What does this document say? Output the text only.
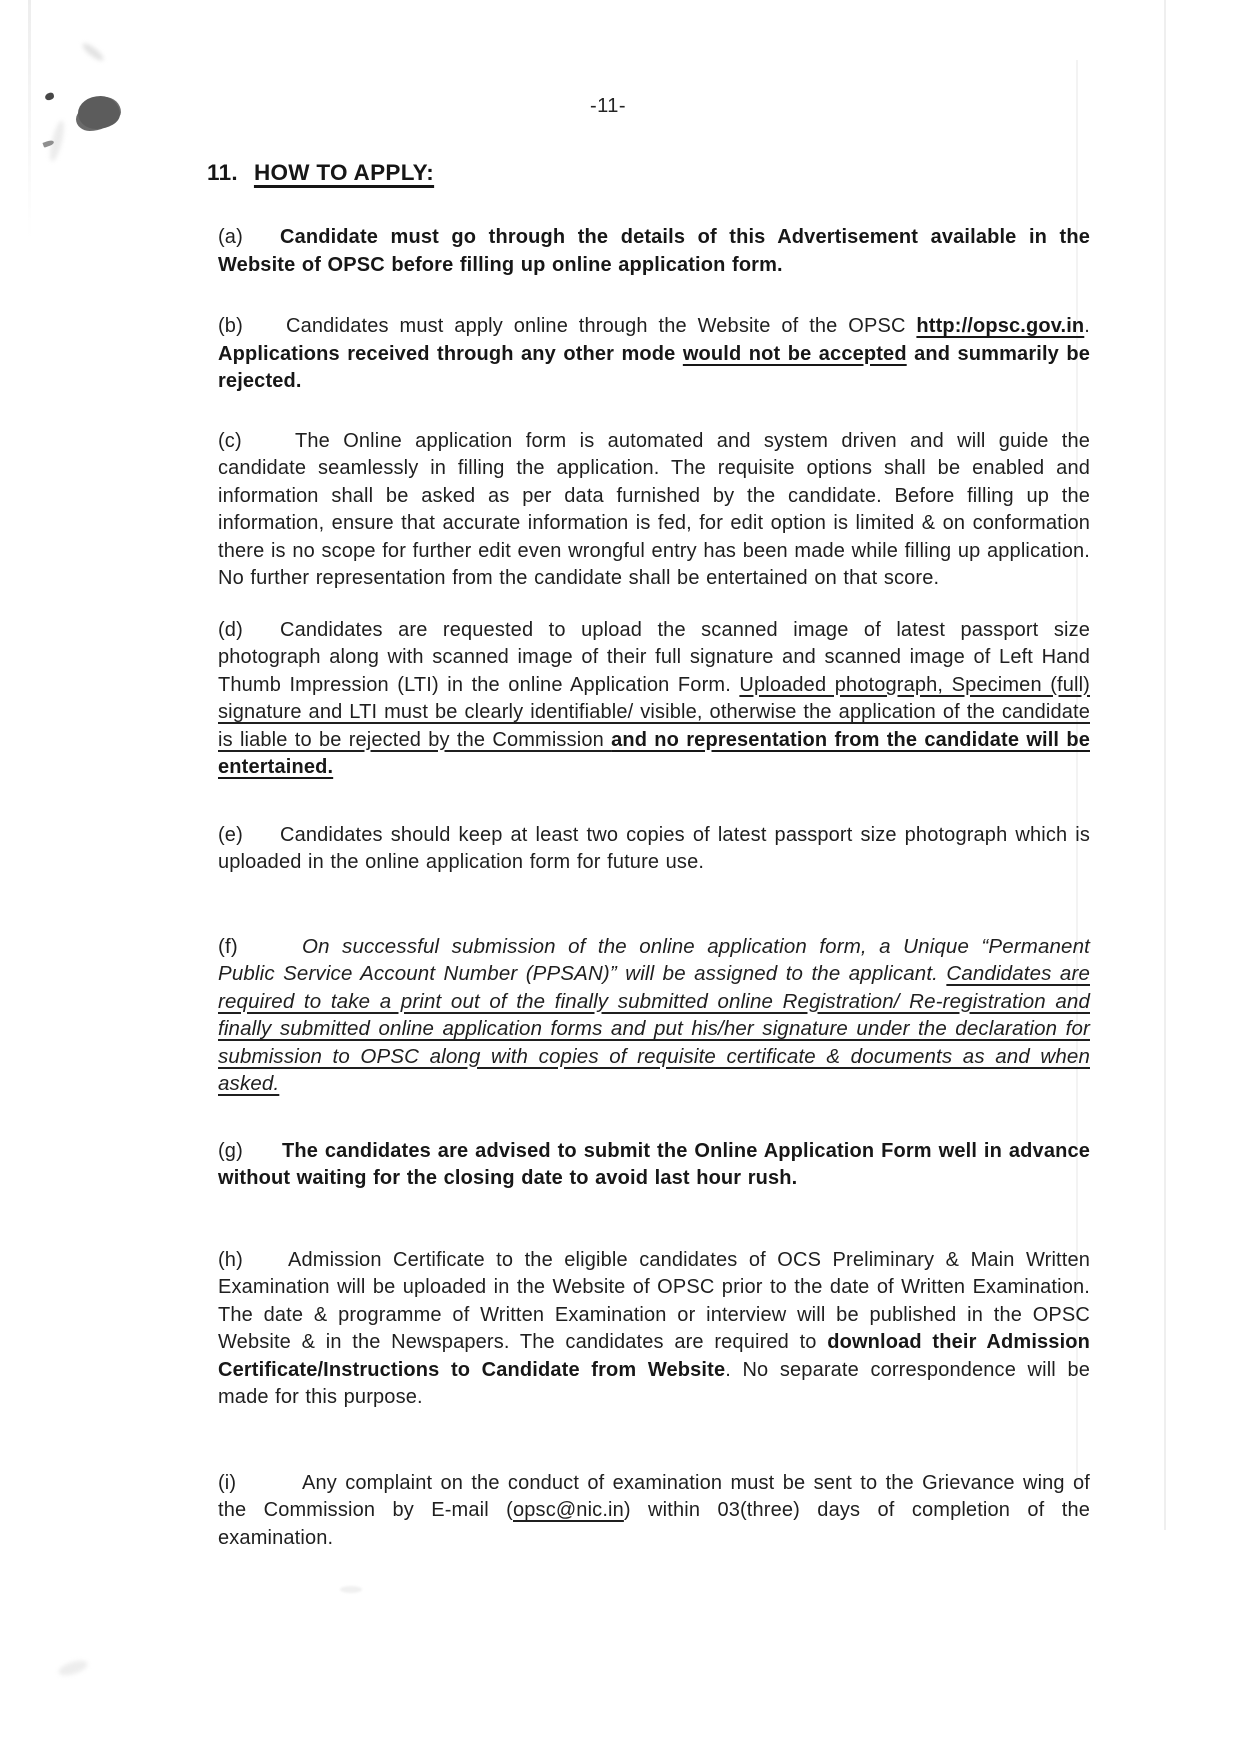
-11-
11. HOW TO APPLY:

(a) Candidate must go through the details of this Advertisement available in the Website of OPSC before filling up online application form.

(b) Candidates must apply online through the Website of the OPSC http://opsc.gov.in. Applications received through any other mode would not be accepted and summarily be rejected.

(c)	The Online application form is automated and system driven and will guide the candidate seamlessly in filling the application. The requisite options shall be enabled and information shall be asked as per data furnished by the candidate. Before filling up the information, ensure that accurate information is fed, for edit option is limited & on conformation there is no scope for further edit even wrongful entry has been made while filling up application. No further representation from the candidate shall be entertained on that score.

(d) Candidates are requested to upload the scanned image of latest passport size photograph along with scanned image of their full signature and scanned image of Left Hand Thumb Impression (LTI) in the online Application Form. Uploaded photograph, Specimen (full) signature and LTI must be clearly identifiable/ visible, otherwise the application of the candidate is liable to be rejected by the Commission and no representation from the candidate will be entertained.

(e) Candidates should keep at least two copies of latest passport size photograph which is uploaded in the online application form for future use.

(f)	On successful submission of the online application form, a Unique “Permanent Public Service Account Number (PPSAN)” will be assigned to the applicant. Candidates are required to take a print out of the finally submitted online Registration/ Re-registration and finally submitted online application forms and put his/her signature under the declaration for submission to OPSC along with copies of requisite certificate & documents as and when asked.

(g) The candidates are advised to submit the Online Application Form well in advance without waiting for the closing date to avoid last hour rush.

(h) Admission Certificate to the eligible candidates of OCS Preliminary & Main Written Examination will be uploaded in the Website of OPSC prior to the date of Written Examination. The date & programme of Written Examination or interview will be published in the OPSC Website & in the Newspapers. The candidates are required to download their Admission Certificate/Instructions to Candidate from Website. No separate correspondence will be made for this purpose.

(i)	Any complaint on the conduct of examination must be sent to the Grievance wing of the Commission by E-mail (opsc@nic.in) within 03(three) days of completion of the examination.
